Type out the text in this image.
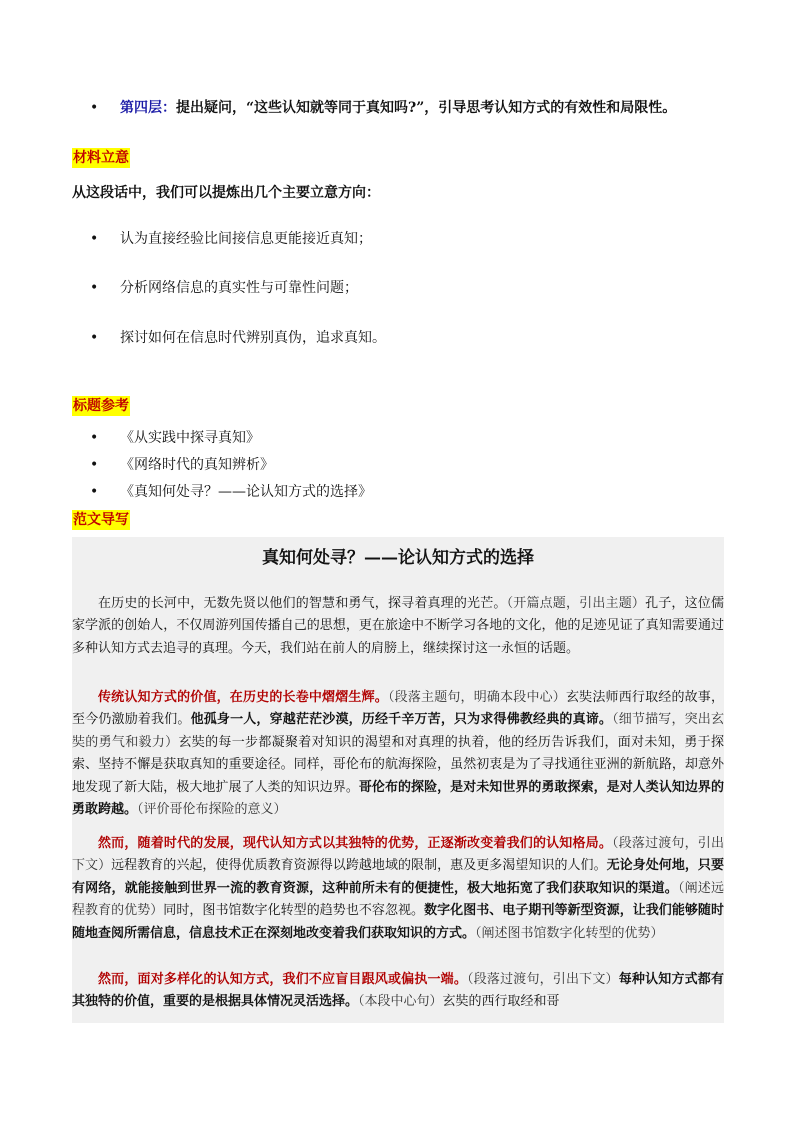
•	第四层：提出疑问，“这些认知就等同于真知吗?”，引导思考认知方式的有效性和局限性。
材料立意
从这段话中，我们可以提炼出几个主要立意方向：
•	认为直接经验比间接信息更能接近真知；
•	分析网络信息的真实性与可靠性问题；
•	探讨如何在信息时代辨别真伪，追求真知。
标题参考
•	《从实践中探寻真知》
•	《网络时代的真知辨析》
•	《真知何处寻？——论认知方式的选择》
范文导写
真知何处寻？——论认知方式的选择
在历史的长河中，无数先贤以他们的智慧和勇气，探寻着真理的光芒。（开篇点题，引出主题）孔子，这位儒家学派的创始人，不仅周游列国传播自己的思想，更在旅途中不断学习各地的文化，他的足迹见证了真知需要通过多种认知方式去追寻的真理。今天，我们站在前人的肩膀上，继续探讨这一永恒的话题。
传统认知方式的价值，在历史的长卷中熠熠生辉。（段落主题句，明确本段中心）玄奘法师西行取经的故事，至今仍激励着我们。他孤身一人，穿越茫茫沙漠，历经千辛万苦，只为求得佛教经典的真谛。（细节描写，突出玄奘的勇气和毅力）玄奘的每一步都凝聚着对知识的渴望和对真理的执着，他的经历告诉我们，面对未知，勇于探索、坚持不懈是获取真知的重要途径。同样，哥伦布的航海探险，虽然初衷是为了寻找通往亚洲的新航路，却意外地发现了新大陆，极大地扩展了人类的知识边界。哥伦布的探险，是对未知世界的勇敢探索，是对人类认知边界的勇敢跨越。（评价哥伦布探险的意义）
然而，随着时代的发展，现代认知方式以其独特的优势，正逐渐改变着我们的认知格局。（段落过渡句，引出下文）远程教育的兴起，使得优质教育资源得以跨越地域的限制，惠及更多渴望知识的人们。无论身处何地，只要有网络，就能接触到世界一流的教育资源，这种前所未有的便捷性，极大地拓宽了我们获取知识的渠道。（阐述远程教育的优势）同时，图书馆数字化转型的趋势也不容忽视。数字化图书、电子期刊等新型资源，让我们能够随时随地查阅所需信息，信息技术正在深刻地改变着我们获取知识的方式。（阐述图书馆数字化转型的优势）
然而，面对多样化的认知方式，我们不应盲目跟风或偏执一端。（段落过渡句，引出下文）每种认知方式都有其独特的价值，重要的是根据具体情况灵活选择。（本段中心句）玄奘的西行取经和哥
